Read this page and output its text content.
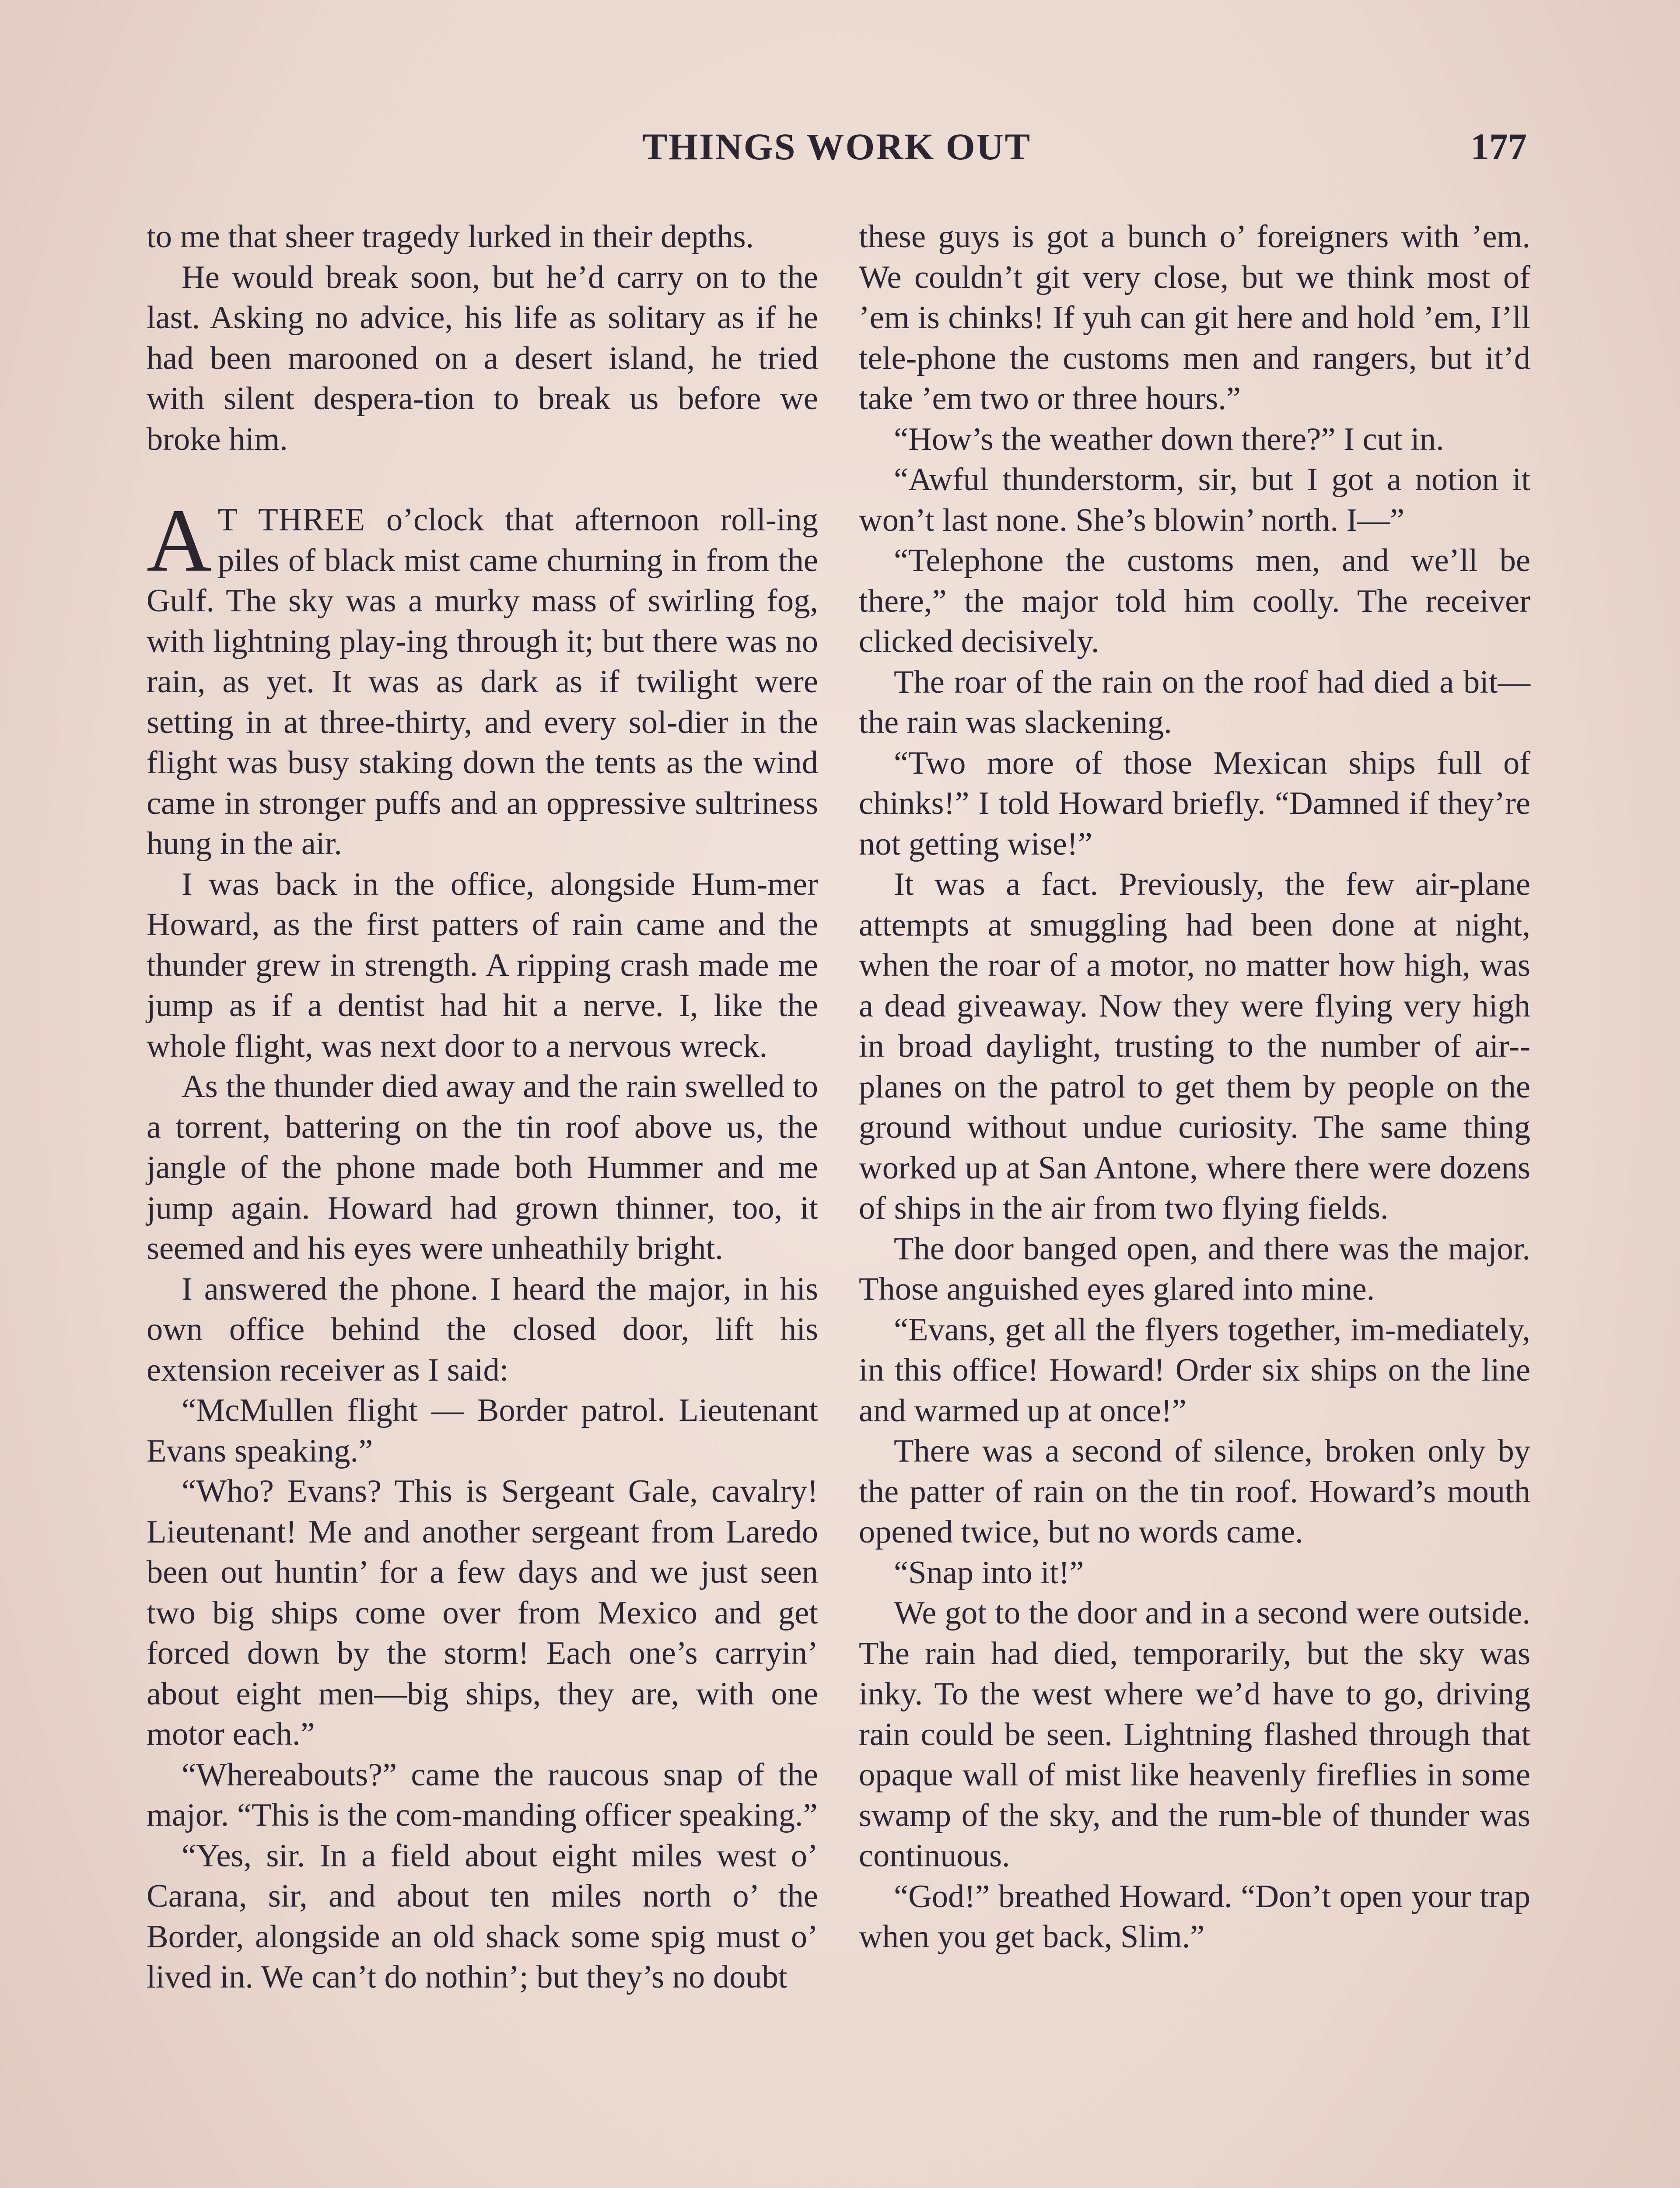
THINGS WORK OUT	177

to me that sheer tragedy lurked in their depths.

He would break soon, but he’d carry on to the last. Asking no advice, his life as solitary as if he had been marooned on a desert island, he tried with silent despera-tion to break us before we broke him.

A T THREE o’clock that afternoon roll-ing piles of black mist came churning in from the Gulf. The sky was a murky mass of swirling fog, with lightning play-ing through it; but there was no rain, as yet. It was as dark as if twilight were setting in at three-thirty, and every sol-dier in the flight was busy staking down the tents as the wind came in stronger puffs and an oppressive sultriness hung in the air.

I was back in the office, alongside Hum-mer Howard, as the first patters of rain came and the thunder grew in strength. A ripping crash made me jump as if a dentist had hit a nerve. I, like the whole flight, was next door to a nervous wreck.

As the thunder died away and the rain swelled to a torrent, battering on the tin roof above us, the jangle of the phone made both Hummer and me jump again. Howard had grown thinner, too, it seemed and his eyes were unheathily bright.

I answered the phone. I heard the major, in his own office behind the closed door, lift his extension receiver as I said:

“McMullen flight — Border patrol. Lieutenant Evans speaking.”

“Who? Evans? This is Sergeant Gale, cavalry! Lieutenant! Me and another sergeant from Laredo been out huntin’ for a few days and we just seen two big ships come over from Mexico and get forced down by the storm! Each one’s carryin’ about eight men—big ships, they are, with one motor each.”

“Whereabouts?” came the raucous snap of the major. “This is the com-manding officer speaking.”

“Yes, sir. In a field about eight miles west o’ Carana, sir, and about ten miles north o’ the Border, alongside an old shack some spig must o’ lived in. We can’t do nothin’; but they’s no doubt

these guys is got a bunch o’ foreigners with ’em. We couldn’t git very close, but we think most of ’em is chinks! If yuh can git here and hold ’em, I’ll tele-phone the customs men and rangers, but it’d take ’em two or three hours.”

“How’s the weather down there?” I cut in.

“Awful thunderstorm, sir, but I got a notion it won’t last none. She’s blowin’ north. I—”

“Telephone the customs men, and we’ll be there,” the major told him coolly. The receiver clicked decisively.

The roar of the rain on the roof had died a bit—the rain was slackening.

“Two more of those Mexican ships full of chinks!” I told Howard briefly. “Damned if they’re not getting wise!”

It was a fact. Previously, the few air-plane attempts at smuggling had been done at night, when the roar of a motor, no matter how high, was a dead giveaway. Now they were flying very high in broad daylight, trusting to the number of air-planes on the patrol to get them by people on the ground without undue curiosity. The same thing worked up at San Antone, where there were dozens of ships in the air from two flying fields.

The door banged open, and there was the major. Those anguished eyes glared into mine.

“Evans, get all the flyers together, im-mediately, in this office! Howard! Order six ships on the line and warmed up at once!”

There was a second of silence, broken only by the patter of rain on the tin roof. Howard’s mouth opened twice, but no words came.

“Snap into it!”

We got to the door and in a second were outside. The rain had died, temporarily, but the sky was inky. To the west where we’d have to go, driving rain could be seen. Lightning flashed through that opaque wall of mist like heavenly fireflies in some swamp of the sky, and the rum-ble of thunder was continuous.

“God!” breathed Howard. “Don’t open your trap when you get back, Slim.”
